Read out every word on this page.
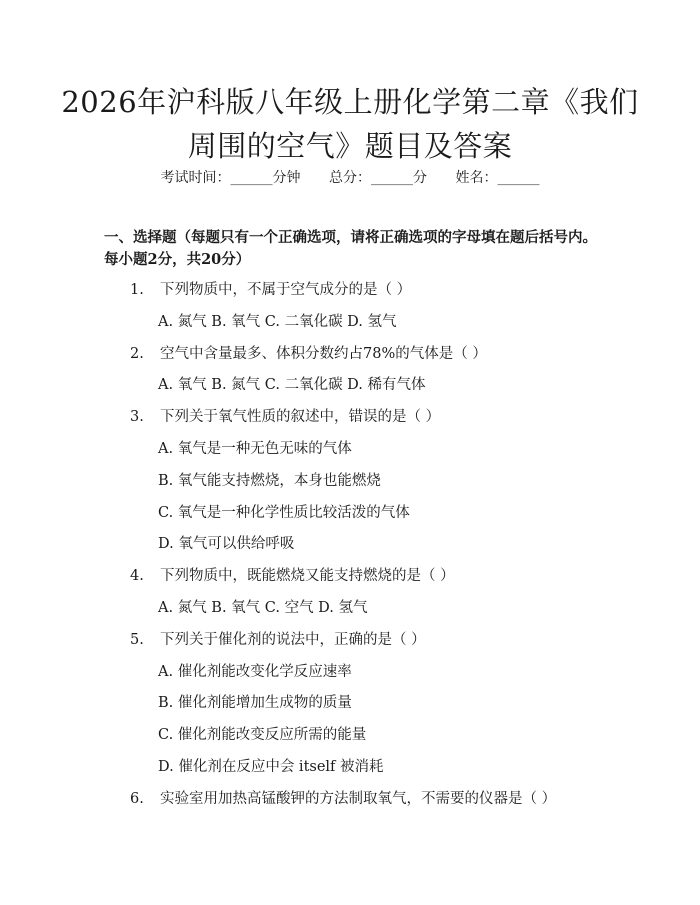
2026年沪科版八年级上册化学第二章《我们
周围的空气》题目及答案
考试时间：______分钟 总分：______分 姓名：______
一、选择题（每题只有一个正确选项，请将正确选项的字母填在题后括号内。每小题2分，共20分）
1. 下列物质中，不属于空气成分的是（ ）
A. 氮气 B. 氧气 C. 二氧化碳 D. 氢气
2. 空气中含量最多、体积分数约占78%的气体是（ ）
A. 氧气 B. 氮气 C. 二氧化碳 D. 稀有气体
3. 下列关于氧气性质的叙述中，错误的是（ ）
A. 氧气是一种无色无味的气体
B. 氧气能支持燃烧，本身也能燃烧
C. 氧气是一种化学性质比较活泼的气体
D. 氧气可以供给呼吸
4. 下列物质中，既能燃烧又能支持燃烧的是（ ）
A. 氮气 B. 氧气 C. 空气 D. 氢气
5. 下列关于催化剂的说法中，正确的是（ ）
A. 催化剂能改变化学反应速率
B. 催化剂能增加生成物的质量
C. 催化剂能改变反应所需的能量
D. 催化剂在反应中会 itself 被消耗
6. 实验室用加热高锰酸钾的方法制取氧气，不需要的仪器是（ ）
